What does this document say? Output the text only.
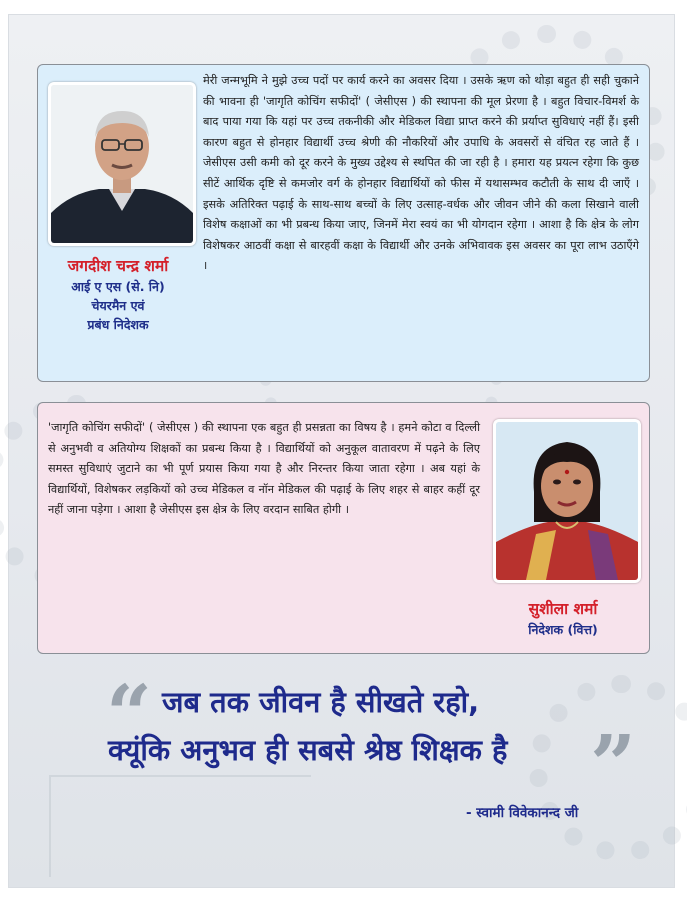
मेरी जन्मभूमि ने मुझे उच्च पदों पर कार्य करने का अवसर दिया । उसके ऋण को थोड़ा बहुत ही सही चुकाने की भावना ही 'जागृति कोचिंग सफीदों' ( जेसीएस ) की स्थापना की मूल प्रेरणा है । बहुत विचार-विमर्श के बाद पाया गया कि यहां पर उच्च तकनीकी और मेडिकल विद्या प्राप्त करने की प्रर्याप्त सुविधाएं नहीं हैं। इसी कारण बहुत से होनहार विद्यार्थी उच्च श्रेणी की नौकरियों और उपाधि के अवसरों से वंचित रह जाते हैं । जेसीएस उसी कमी को दूर करने के मुख्य उद्देश्य से स्थपित की जा रही है । हमारा यह प्रयत्न रहेगा कि कुछ सीटें आर्थिक दृष्टि से कमजोर वर्ग के होनहार विद्यार्थियों को फीस में यथासम्भव कटौती के साथ दी जाएँ । इसके अतिरिक्त पढ़ाई के साथ-साथ बच्चों के लिए उत्साह-वर्धक और जीवन जीने की कला सिखाने वाली विशेष कक्षाओं का भी प्रबन्ध किया जाए, जिनमें मेरा स्वयं का भी योगदान रहेगा । आशा है कि क्षेत्र के लोग विशेषकर आठवीं कक्षा से बारहवीं कक्षा के विद्यार्थी और उनके अभिवावक इस अवसर का पूरा लाभ उठाएँगे ।
जगदीश चन्द्र शर्मा
आई ए एस (से. नि)
चेयरमैन एवं
प्रबंध निदेशक
'जागृति कोचिंग सफीदों' ( जेसीएस ) की स्थापना एक बहुत ही प्रसन्नता का विषय है । हमने कोटा व दिल्ली से अनुभवी व अतियोग्य शिक्षकों का प्रबन्ध किया है । विद्यार्थियों को अनुकूल वातावरण में पढ़ने के लिए समस्त सुविधाएं जुटाने का भी पूर्ण प्रयास किया गया है और निरन्तर किया जाता रहेगा । अब यहां के विद्यार्थियों, विशेषकर लड़कियों को उच्च मेडिकल व नॉन मेडिकल की पढ़ाई के लिए शहर से बाहर कहीं दूर नहीं जाना पड़ेगा । आशा है जेसीएस इस क्षेत्र के लिए वरदान साबित होगी ।
सुशीला शर्मा
निदेशक (वित्त)
“ जब तक जीवन है सीखते रहो,
क्यूंकि अनुभव ही सबसे श्रेष्ठ शिक्षक है ”
- स्वामी विवेकानन्द जी
